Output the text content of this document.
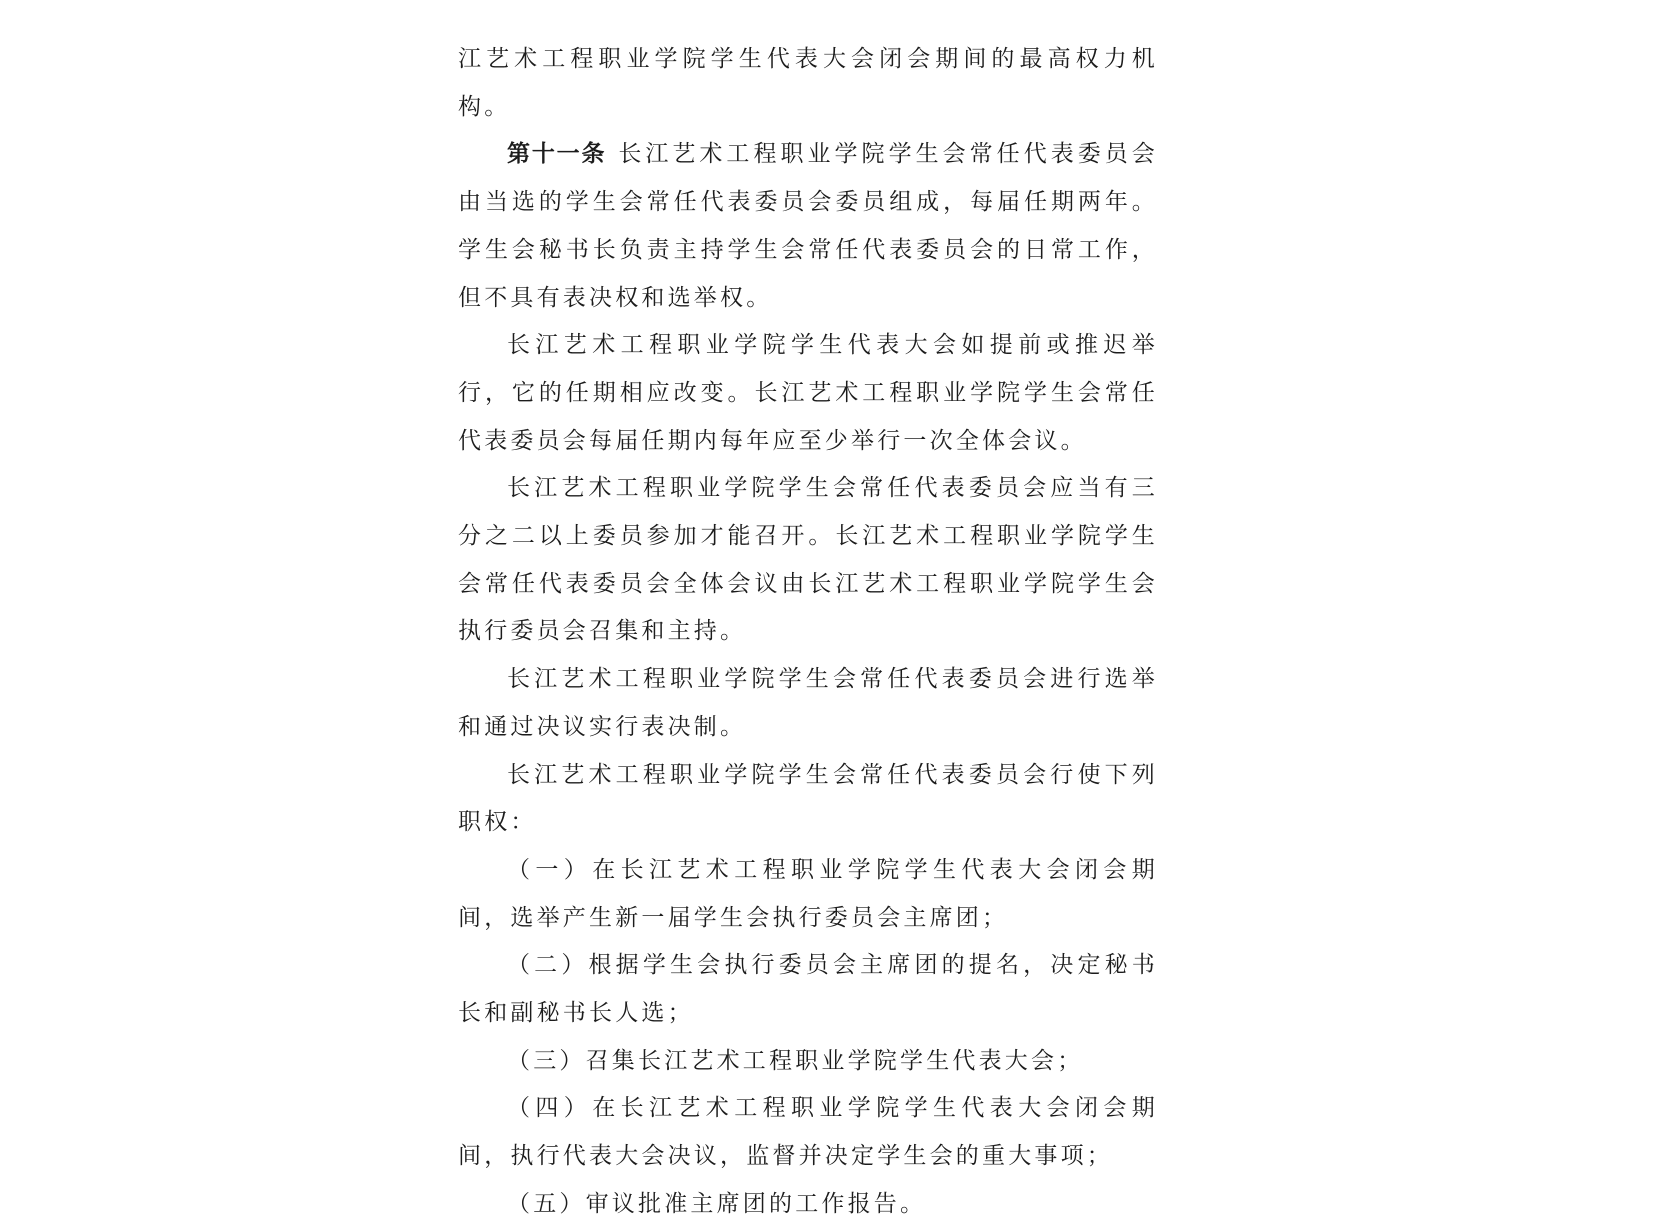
江艺术工程职业学院学生代表大会闭会期间的最高权力机构。

第十一条 长江艺术工程职业学院学生会常任代表委员会由当选的学生会常任代表委员会委员组成，每届任期两年。学生会秘书长负责主持学生会常任代表委员会的日常工作，但不具有表决权和选举权。

长江艺术工程职业学院学生代表大会如提前或推迟举行，它的任期相应改变。长江艺术工程职业学院学生会常任代表委员会每届任期内每年应至少举行一次全体会议。

长江艺术工程职业学院学生会常任代表委员会应当有三分之二以上委员参加才能召开。长江艺术工程职业学院学生会常任代表委员会全体会议由长江艺术工程职业学院学生会执行委员会召集和主持。

长江艺术工程职业学院学生会常任代表委员会进行选举和通过决议实行表决制。

长江艺术工程职业学院学生会常任代表委员会行使下列职权：

（一）在长江艺术工程职业学院学生代表大会闭会期间，选举产生新一届学生会执行委员会主席团；

（二）根据学生会执行委员会主席团的提名，决定秘书长和副秘书长人选；

（三）召集长江艺术工程职业学院学生代表大会；

（四）在长江艺术工程职业学院学生代表大会闭会期间，执行代表大会决议，监督并决定学生会的重大事项；

（五）审议批准主席团的工作报告。
